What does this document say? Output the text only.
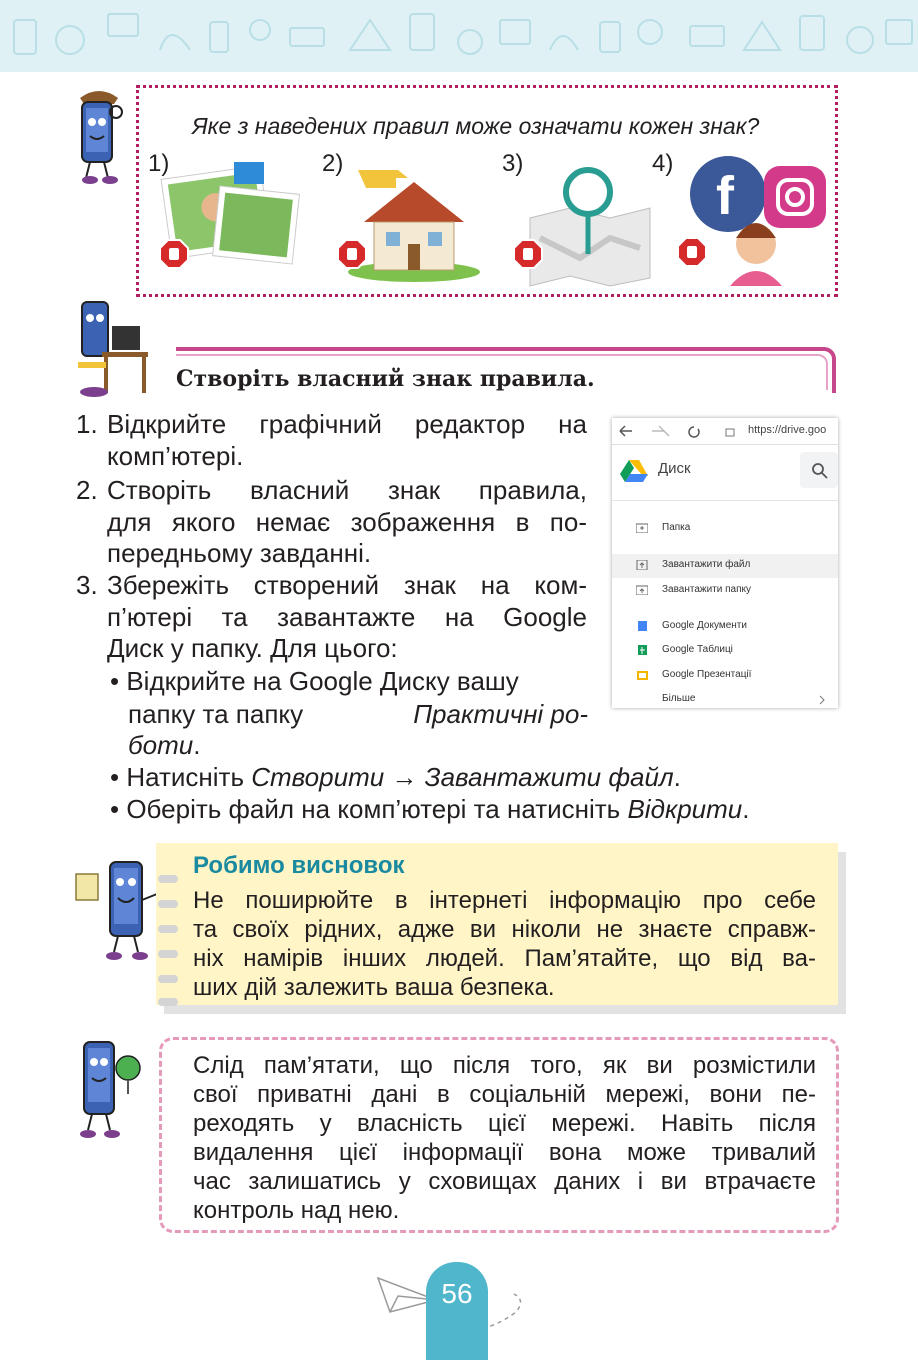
Яке з наведених правил може означати кожен знак?
1)	2)	3)	4)
f
Створіть власний знак правила.
1. Відкрийте графічний редактор на
комп’ютері.
2. Створіть власний знак правила,
для якого немає зображення в по-
передньому завданні.
3. Збережіть створений знак на ком-
п’ютері та завантажте на Google
Диск у папку. Для цього:
• Відкрийте на Google Диску вашу
папку та папку	Практичні ро-
боти.
• Натисніть Створити → Завантажити файл.
• Оберіть файл на комп’ютері та натисніть Відкрити.
https://drive.goo
Диск
Папка
Завантажити файл
Завантажити папку
Google Документи
Google Таблиці
Google Презентації
Більше
Робимо висновок
Не поширюйте в інтернеті інформацію про себе
та своїх рідних, адже ви ніколи не знаєте справж-
ніх намірів інших людей. Пам’ятайте, що від ва-
ших дій залежить ваша безпека.
Слід пам’ятати, що після того, як ви розмістили
свої приватні дані в соціальній мережі, вони пе-
реходять у власність цієї мережі. Навіть після
видалення цієї інформації вона може тривалий
час залишатись у сховищах даних і ви втрачаєте
контроль над нею.
56
